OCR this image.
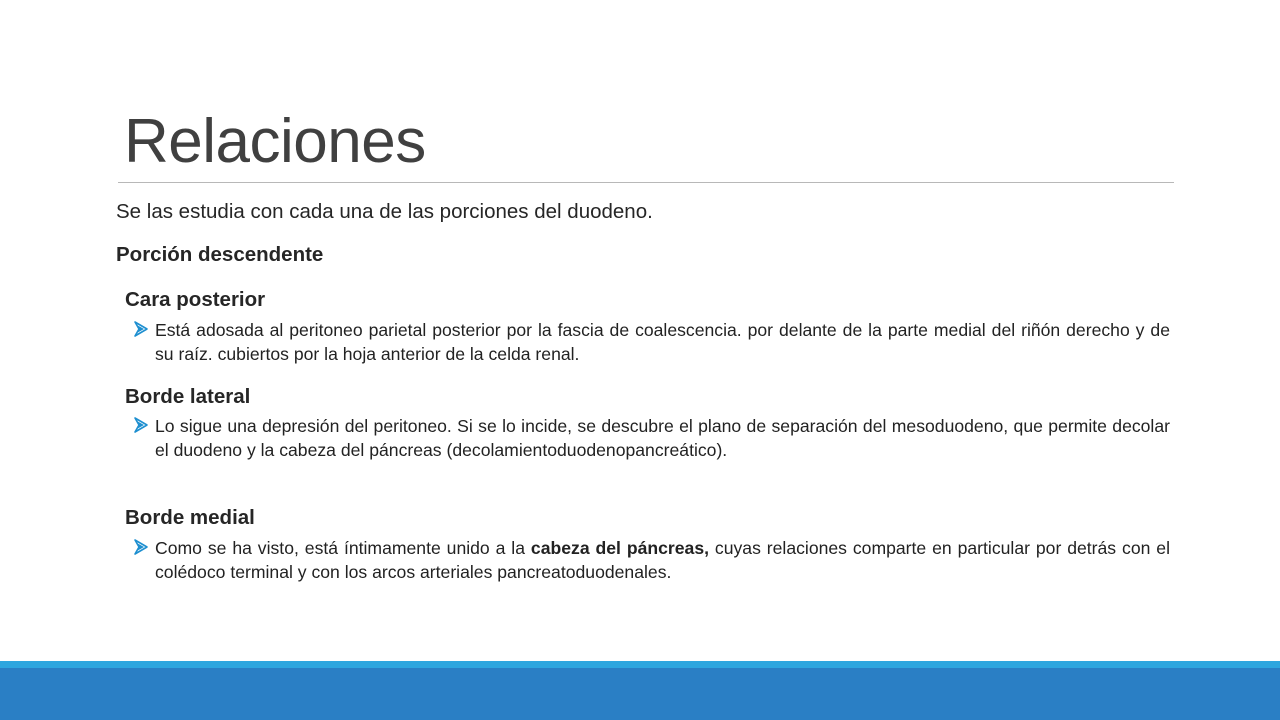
Relaciones
Se las estudia con cada una de las porciones del duodeno.
Porción descendente
Cara posterior
Está adosada al peritoneo parietal posterior por la fascia de coalescencia. por delante de la parte medial del riñón derecho y de su raíz. cubiertos por la hoja anterior de la celda renal.
Borde lateral
Lo sigue una depresión del peritoneo. Si se lo incide, se descubre el plano de separación del mesoduodeno, que permite decolar el duodeno y la cabeza del páncreas (decolamientoduodenopancreático).
Borde medial
Como se ha visto, está íntimamente unido a la cabeza del páncreas, cuyas relaciones comparte en particular por detrás con el colédoco terminal y con los arcos arteriales pancreatoduodenales.
